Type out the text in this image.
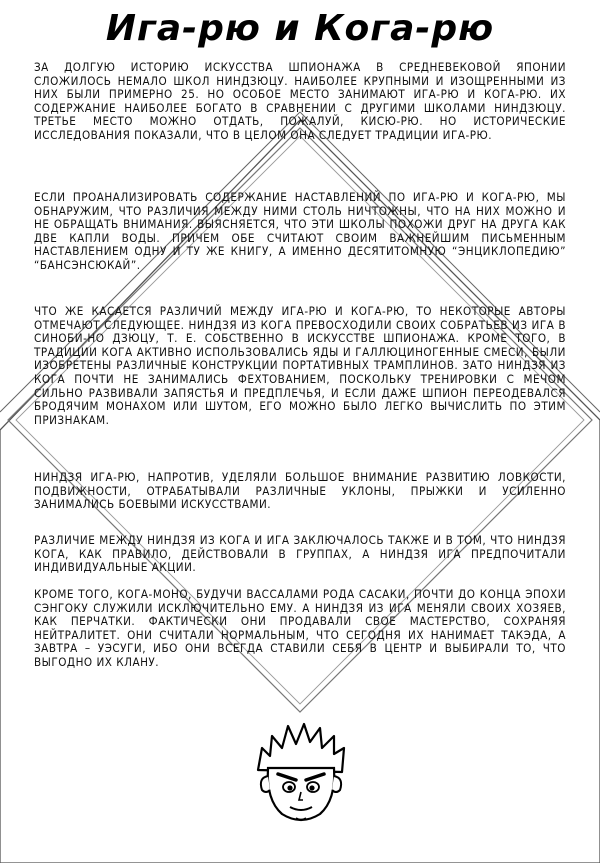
Ига-рю и Кога-рю

ЗА ДОЛГУЮ ИСТОРИЮ ИСКУССТВА ШПИОНАЖА В СРЕДНЕВЕКОВОЙ ЯПОНИИ СЛОЖИЛОСЬ НЕМАЛО ШКОЛ НИНДЗЮЦУ. НАИБОЛЕЕ КРУПНЫМИ И ИЗОЩРЕННЫМИ ИЗ НИХ БЫЛИ ПРИМЕРНО 25. НО ОСОБОЕ МЕСТО ЗАНИМАЮТ ИГА-РЮ И КОГА-РЮ. ИХ СОДЕРЖАНИЕ НАИБОЛЕЕ БОГАТО В СРАВНЕНИИ С ДРУГИМИ ШКОЛАМИ НИНДЗЮЦУ. ТРЕТЬЕ МЕСТО МОЖНО ОТДАТЬ, ПОЖАЛУЙ, КИСЮ-РЮ. НО ИСТОРИЧЕСКИЕ ИССЛЕДОВАНИЯ ПОКАЗАЛИ, ЧТО В ЦЕЛОМ ОНА СЛЕДУЕТ ТРАДИЦИИ ИГА-РЮ.

ЕСЛИ ПРОАНАЛИЗИРОВАТЬ СОДЕРЖАНИЕ НАСТАВЛЕНИЙ ПО ИГА-РЮ И КОГА-РЮ, МЫ ОБНАРУЖИМ, ЧТО РАЗЛИЧИЯ МЕЖДУ НИМИ СТОЛЬ НИЧТОЖНЫ, ЧТО НА НИХ МОЖНО И НЕ ОБРАЩАТЬ ВНИМАНИЯ. ВЫЯСНЯЕТСЯ, ЧТО ЭТИ ШКОЛЫ ПОХОЖИ ДРУГ НА ДРУГА КАК ДВЕ КАПЛИ ВОДЫ. ПРИЧЕМ ОБЕ СЧИТАЮТ СВОИМ ВАЖНЕЙШИМ ПИСЬМЕННЫМ НАСТАВЛЕНИЕМ ОДНУ И ТУ ЖЕ КНИГУ, А ИМЕННО ДЕСЯТИТОМНУЮ “ЭНЦИКЛОПЕДИЮ” “БАНСЭНСЮКАЙ”.

ЧТО ЖЕ КАСАЕТСЯ РАЗЛИЧИЙ МЕЖДУ ИГА-РЮ И КОГА-РЮ, ТО НЕКОТОРЫЕ АВТОРЫ ОТМЕЧАЮТ СЛЕДУЮЩЕЕ. НИНДЗЯ ИЗ КОГА ПРЕВОСХОДИЛИ СВОИХ СОБРАТЬЕВ ИЗ ИГА В СИНОБИ-НО ДЗЮЦУ, Т. Е. СОБСТВЕННО В ИСКУССТВЕ ШПИОНАЖА. КРОМЕ ТОГО, В ТРАДИЦИИ КОГА АКТИВНО ИСПОЛЬЗОВАЛИСЬ ЯДЫ И ГАЛЛЮЦИНОГЕННЫЕ СМЕСИ, БЫЛИ ИЗОБРЕТЕНЫ РАЗЛИЧНЫЕ КОНСТРУКЦИИ ПОРТАТИВНЫХ ТРАМПЛИНОВ. ЗАТО НИНДЗЯ ИЗ КОГА ПОЧТИ НЕ ЗАНИМАЛИСЬ ФЕХТОВАНИЕМ, ПОСКОЛЬКУ ТРЕНИРОВКИ С МЕЧОМ СИЛЬНО РАЗВИВАЛИ ЗАПЯСТЬЯ И ПРЕДПЛЕЧЬЯ, И ЕСЛИ ДАЖЕ ШПИОН ПЕРЕОДЕВАЛСЯ БРОДЯЧИМ МОНАХОМ ИЛИ ШУТОМ, ЕГО МОЖНО БЫЛО ЛЕГКО ВЫЧИСЛИТЬ ПО ЭТИМ ПРИЗНАКАМ.

НИНДЗЯ ИГА-РЮ, НАПРОТИВ, УДЕЛЯЛИ БОЛЬШОЕ ВНИМАНИЕ РАЗВИТИЮ ЛОВКОСТИ, ПОДВИЖНОСТИ, ОТРАБАТЫВАЛИ РАЗЛИЧНЫЕ УКЛОНЫ, ПРЫЖКИ И УСИЛЕННО ЗАНИМАЛИСЬ БОЕВЫМИ ИСКУССТВАМИ.

РАЗЛИЧИЕ МЕЖДУ НИНДЗЯ ИЗ КОГА И ИГА ЗАКЛЮЧАЛОСЬ ТАКЖЕ И В ТОМ, ЧТО НИНДЗЯ КОГА, КАК ПРАВИЛО, ДЕЙСТВОВАЛИ В ГРУППАХ, А НИНДЗЯ ИГА ПРЕДПОЧИТАЛИ ИНДИВИДУАЛЬНЫЕ АКЦИИ.

КРОМЕ ТОГО, КОГА-МОНО, БУДУЧИ ВАССАЛАМИ РОДА САСАКИ, ПОЧТИ ДО КОНЦА ЭПОХИ СЭНГОКУ СЛУЖИЛИ ИСКЛЮЧИТЕЛЬНО ЕМУ. А НИНДЗЯ ИЗ ИГА МЕНЯЛИ СВОИХ ХОЗЯЕВ, КАК ПЕРЧАТКИ. ФАКТИЧЕСКИ ОНИ ПРОДАВАЛИ СВОЕ МАСТЕРСТВО, СОХРАНЯЯ НЕЙТРАЛИТЕТ. ОНИ СЧИТАЛИ НОРМАЛЬНЫМ, ЧТО СЕГОДНЯ ИХ НАНИМАЕТ ТАКЭДА, А ЗАВТРА – УЭСУГИ, ИБО ОНИ ВСЕГДА СТАВИЛИ СЕБЯ В ЦЕНТР И ВЫБИРАЛИ ТО, ЧТО ВЫГОДНО ИХ КЛАНУ.
